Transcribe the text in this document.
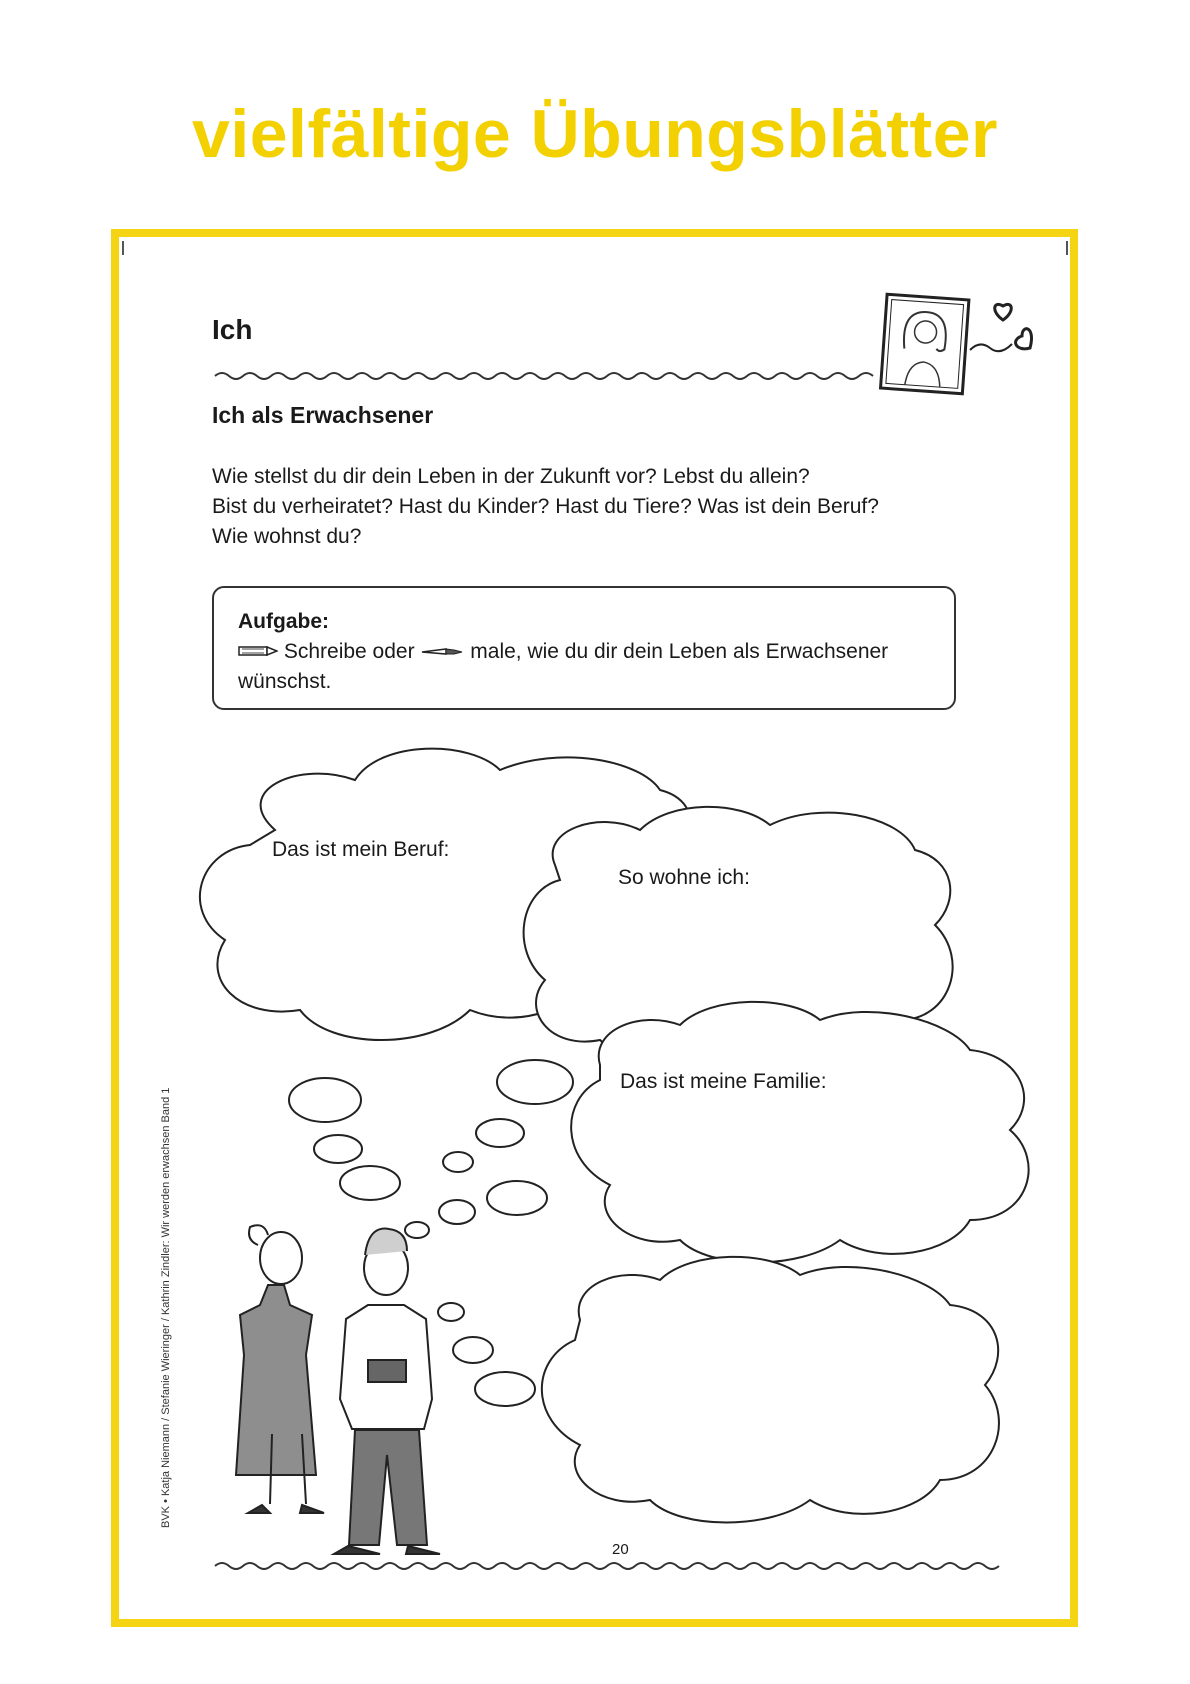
vielfältige Übungsblätter
Ich
Ich als Erwachsener
Wie stellst du dir dein Leben in der Zukunft vor? Lebst du allein?
Bist du verheiratet? Hast du Kinder? Hast du Tiere? Was ist dein Beruf?
Wie wohnst du?
Aufgabe:
Schreibe oder	male, wie du dir dein Leben als Erwachsener
wünschst.
Das ist mein Beruf:
So wohne ich:
Das ist meine Familie:
BVK • Katja Niemann / Stefanie Wieringer / Kathrin Zindler: Wir werden erwachsen Band 1
20
